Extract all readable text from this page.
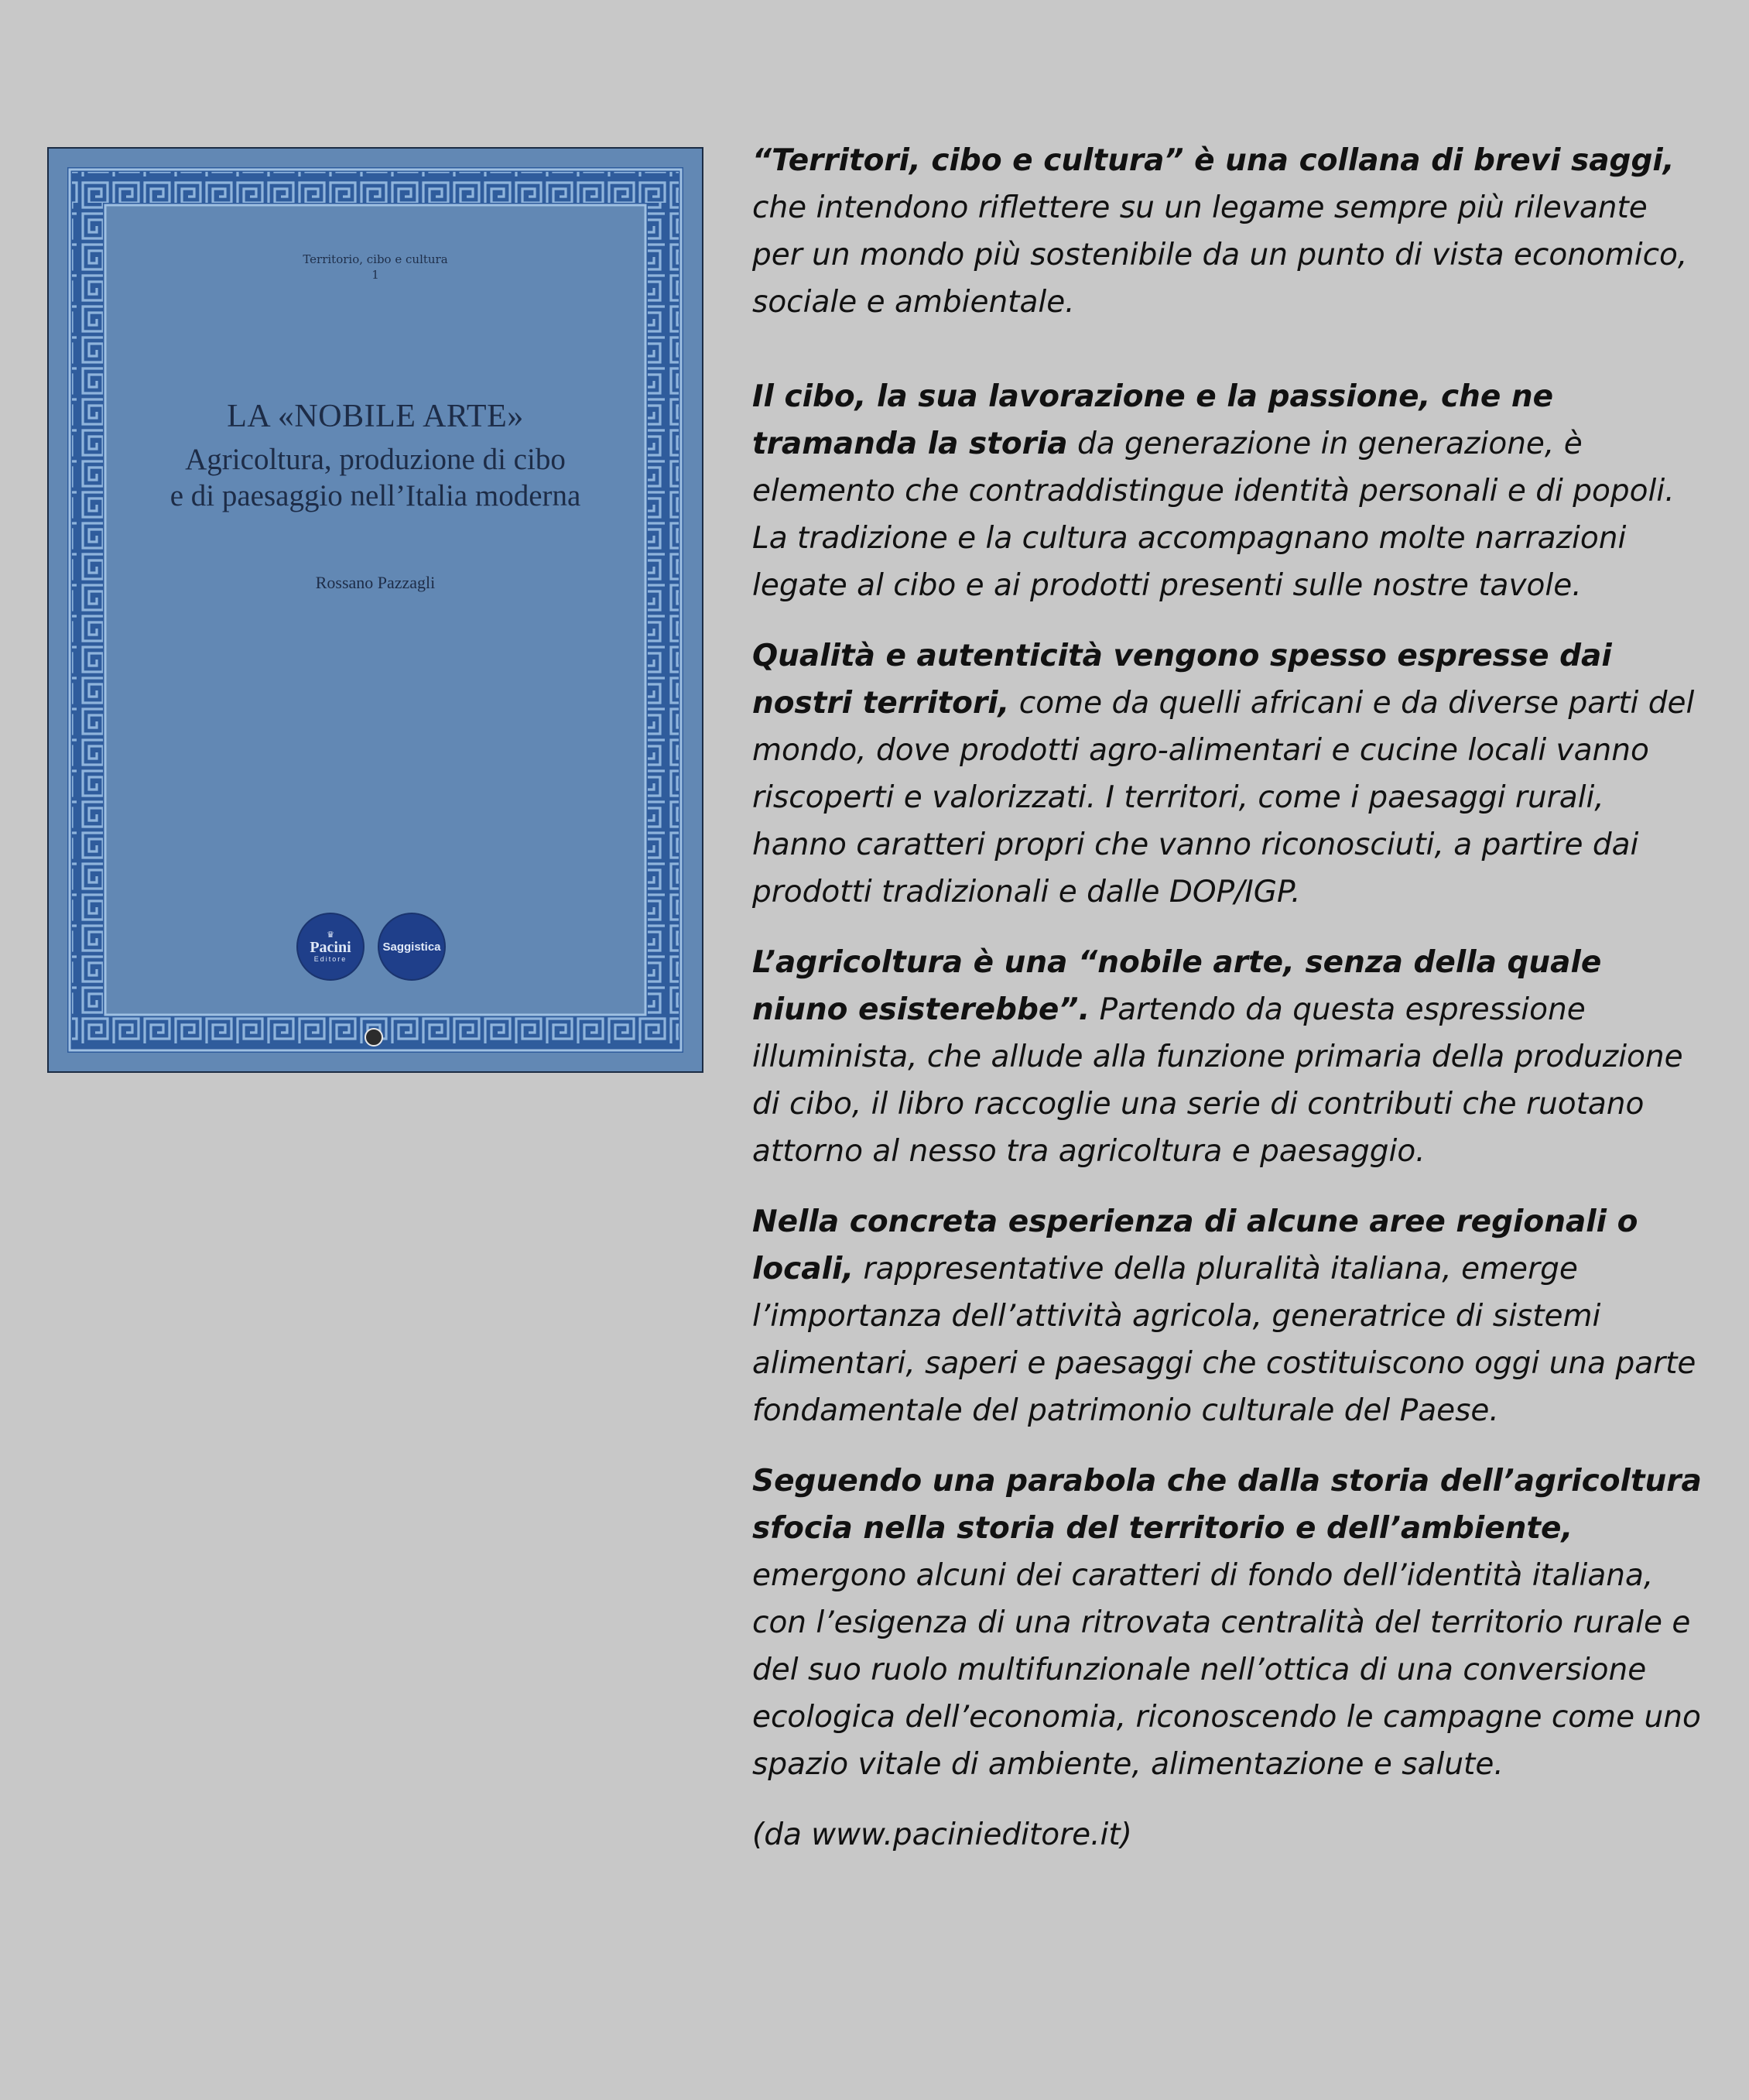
Territorio, cibo e cultura
1
LA «NOBILE ARTE»
Agricoltura, produzione di cibo
e di paesaggio nell’Italia moderna
Rossano Pazzagli
♛
Pacini
Editore
Saggistica

“Territori, cibo e cultura” è una collana di brevi saggi, che intendono riflettere su un legame sempre più rilevante per un mondo più sostenibile da un punto di vista economico, sociale e ambientale.

Il cibo, la sua lavorazione e la passione, che ne tramanda la storia da generazione in generazione, è elemento che contraddistingue identità personali e di popoli. La tradizione e la cultura accompagnano molte narrazioni legate al cibo e ai prodotti presenti sulle nostre tavole.

Qualità e autenticità vengono spesso espresse dai nostri territori, come da quelli africani e da diverse parti del mondo, dove prodotti agro-alimentari e cucine locali vanno riscoperti e valorizzati. I territori, come i paesaggi rurali, hanno caratteri propri che vanno riconosciuti, a partire dai prodotti tradizionali e dalle DOP/IGP.

L’agricoltura è una “nobile arte, senza della quale niuno esisterebbe”. Partendo da questa espressione illuminista, che allude alla funzione primaria della produzione di cibo, il libro raccoglie una serie di contributi che ruotano attorno al nesso tra agricoltura e paesaggio.

Nella concreta esperienza di alcune aree regionali o locali, rappresentative della pluralità italiana, emerge l’importanza dell’attività agricola, generatrice di sistemi alimentari, saperi e paesaggi che costituiscono oggi una parte fondamentale del patrimonio culturale del Paese.

Seguendo una parabola che dalla storia dell’agricoltura sfocia nella storia del territorio e dell’ambiente, emergono alcuni dei caratteri di fondo dell’identità italiana, con l’esigenza di una ritrovata centralità del territorio rurale e del suo ruolo multifunzionale nell’ottica di una conversione ecologica dell’economia, riconoscendo le campagne come uno spazio vitale di ambiente, alimentazione e salute.

(da www.pacinieditore.it)
